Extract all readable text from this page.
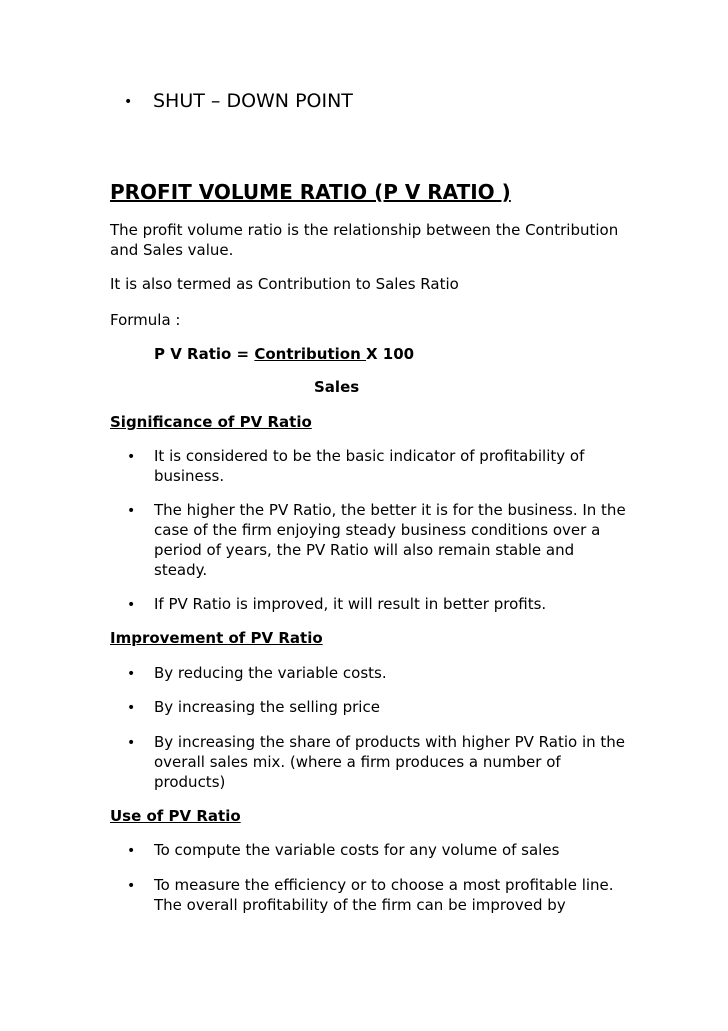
• SHUT – DOWN POINT
PROFIT VOLUME RATIO (P V RATIO )
The profit volume ratio is the relationship between the Contribution
and Sales value.
It is also termed as Contribution to Sales Ratio
Formula :
P V Ratio = Contribution X 100
Sales
Significance of PV Ratio
• It is considered to be the basic indicator of profitability of
business.
• The higher the PV Ratio, the better it is for the business. In the
case of the firm enjoying steady business conditions over a
period of years, the PV Ratio will also remain stable and
steady.
• If PV Ratio is improved, it will result in better profits.
Improvement of PV Ratio
• By reducing the variable costs.
• By increasing the selling price
• By increasing the share of products with higher PV Ratio in the
overall sales mix. (where a firm produces a number of
products)
Use of PV Ratio
• To compute the variable costs for any volume of sales
• To measure the efficiency or to choose a most profitable line.
The overall profitability of the firm can be improved by
